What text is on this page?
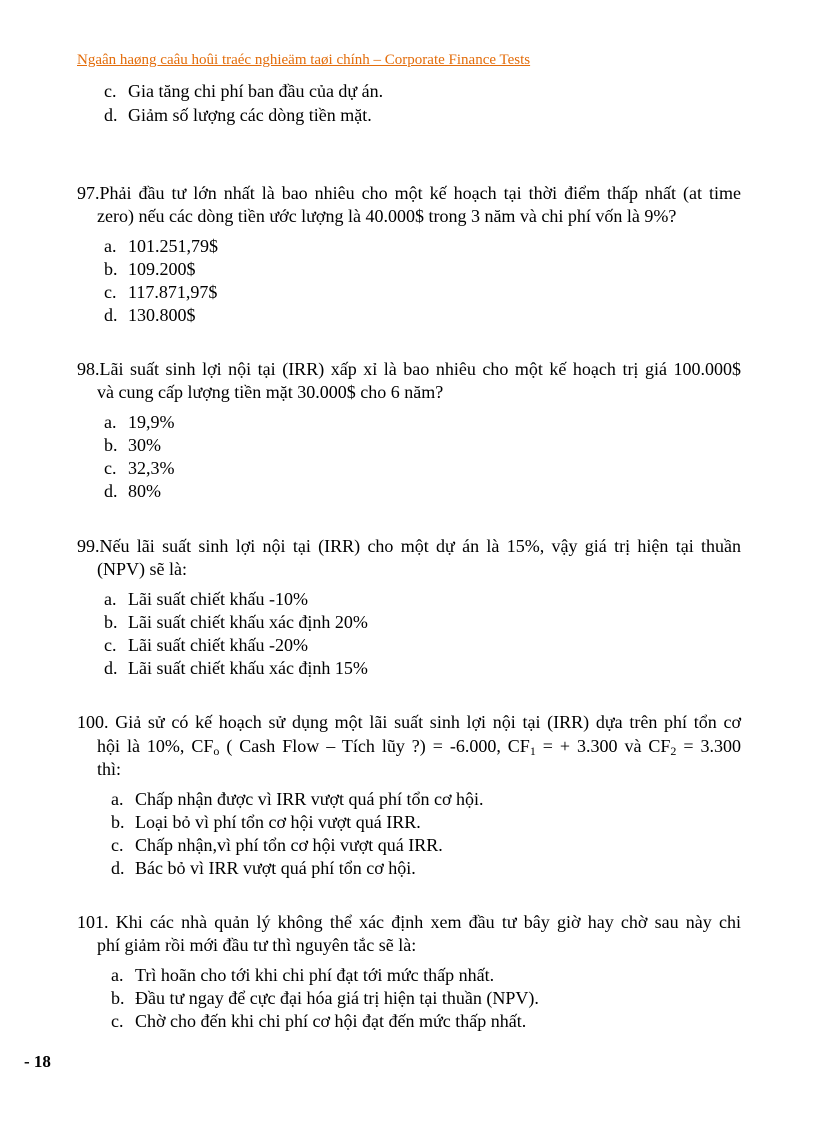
Ngaân haøng caâu hoûi traéc nghieäm taøi chính – Corporate Finance Tests
c. Gia tăng chi phí ban đầu của dự án.
d. Giảm số lượng các dòng tiền mặt.
97.Phải đầu tư lớn nhất là bao nhiêu cho một kế hoạch tại thời điểm thấp nhất (at time
zero) nếu các dòng tiền ước lượng là 40.000$ trong 3 năm và chi phí vốn là 9%?
a. 101.251,79$
b. 109.200$
c. 117.871,97$
d. 130.800$
98.Lãi suất sinh lợi nội tại (IRR) xấp xỉ là bao nhiêu cho một kế hoạch trị giá 100.000$
và cung cấp lượng tiền mặt 30.000$ cho 6 năm?
a. 19,9%
b. 30%
c. 32,3%
d. 80%
99.Nếu lãi suất sinh lợi nội tại (IRR) cho một dự án là 15%, vậy giá trị hiện tại thuần
(NPV) sẽ là:
a. Lãi suất chiết khấu -10%
b. Lãi suất chiết khấu xác định 20%
c. Lãi suất chiết khấu -20%
d. Lãi suất chiết khấu xác định 15%
100. Giả sử có kế hoạch sử dụng một lãi suất sinh lợi nội tại (IRR) dựa trên phí tổn cơ
hội là 10%, $CF_o$ ( Cash Flow – Tích lũy ?) = -6.000, $CF_1$ = + 3.300 và $CF_2 = 3.300$
thì:
a. Chấp nhận được vì IRR vượt quá phí tổn cơ hội.
b. Loại bỏ vì phí tổn cơ hội vượt quá IRR.
c. Chấp nhận,vì phí tổn cơ hội vượt quá IRR.
d. Bác bỏ vì IRR vượt quá phí tổn cơ hội.
101. Khi các nhà quản lý không thể xác định xem đầu tư bây giờ hay chờ sau này chi
phí giảm rồi mới đầu tư thì nguyên tắc sẽ là:
a. Trì hoãn cho tới khi chi phí đạt tới mức thấp nhất.
b. Đầu tư ngay để cực đại hóa giá trị hiện tại thuần (NPV).
c. Chờ cho đến khi chi phí cơ hội đạt đến mức thấp nhất.
- 18
